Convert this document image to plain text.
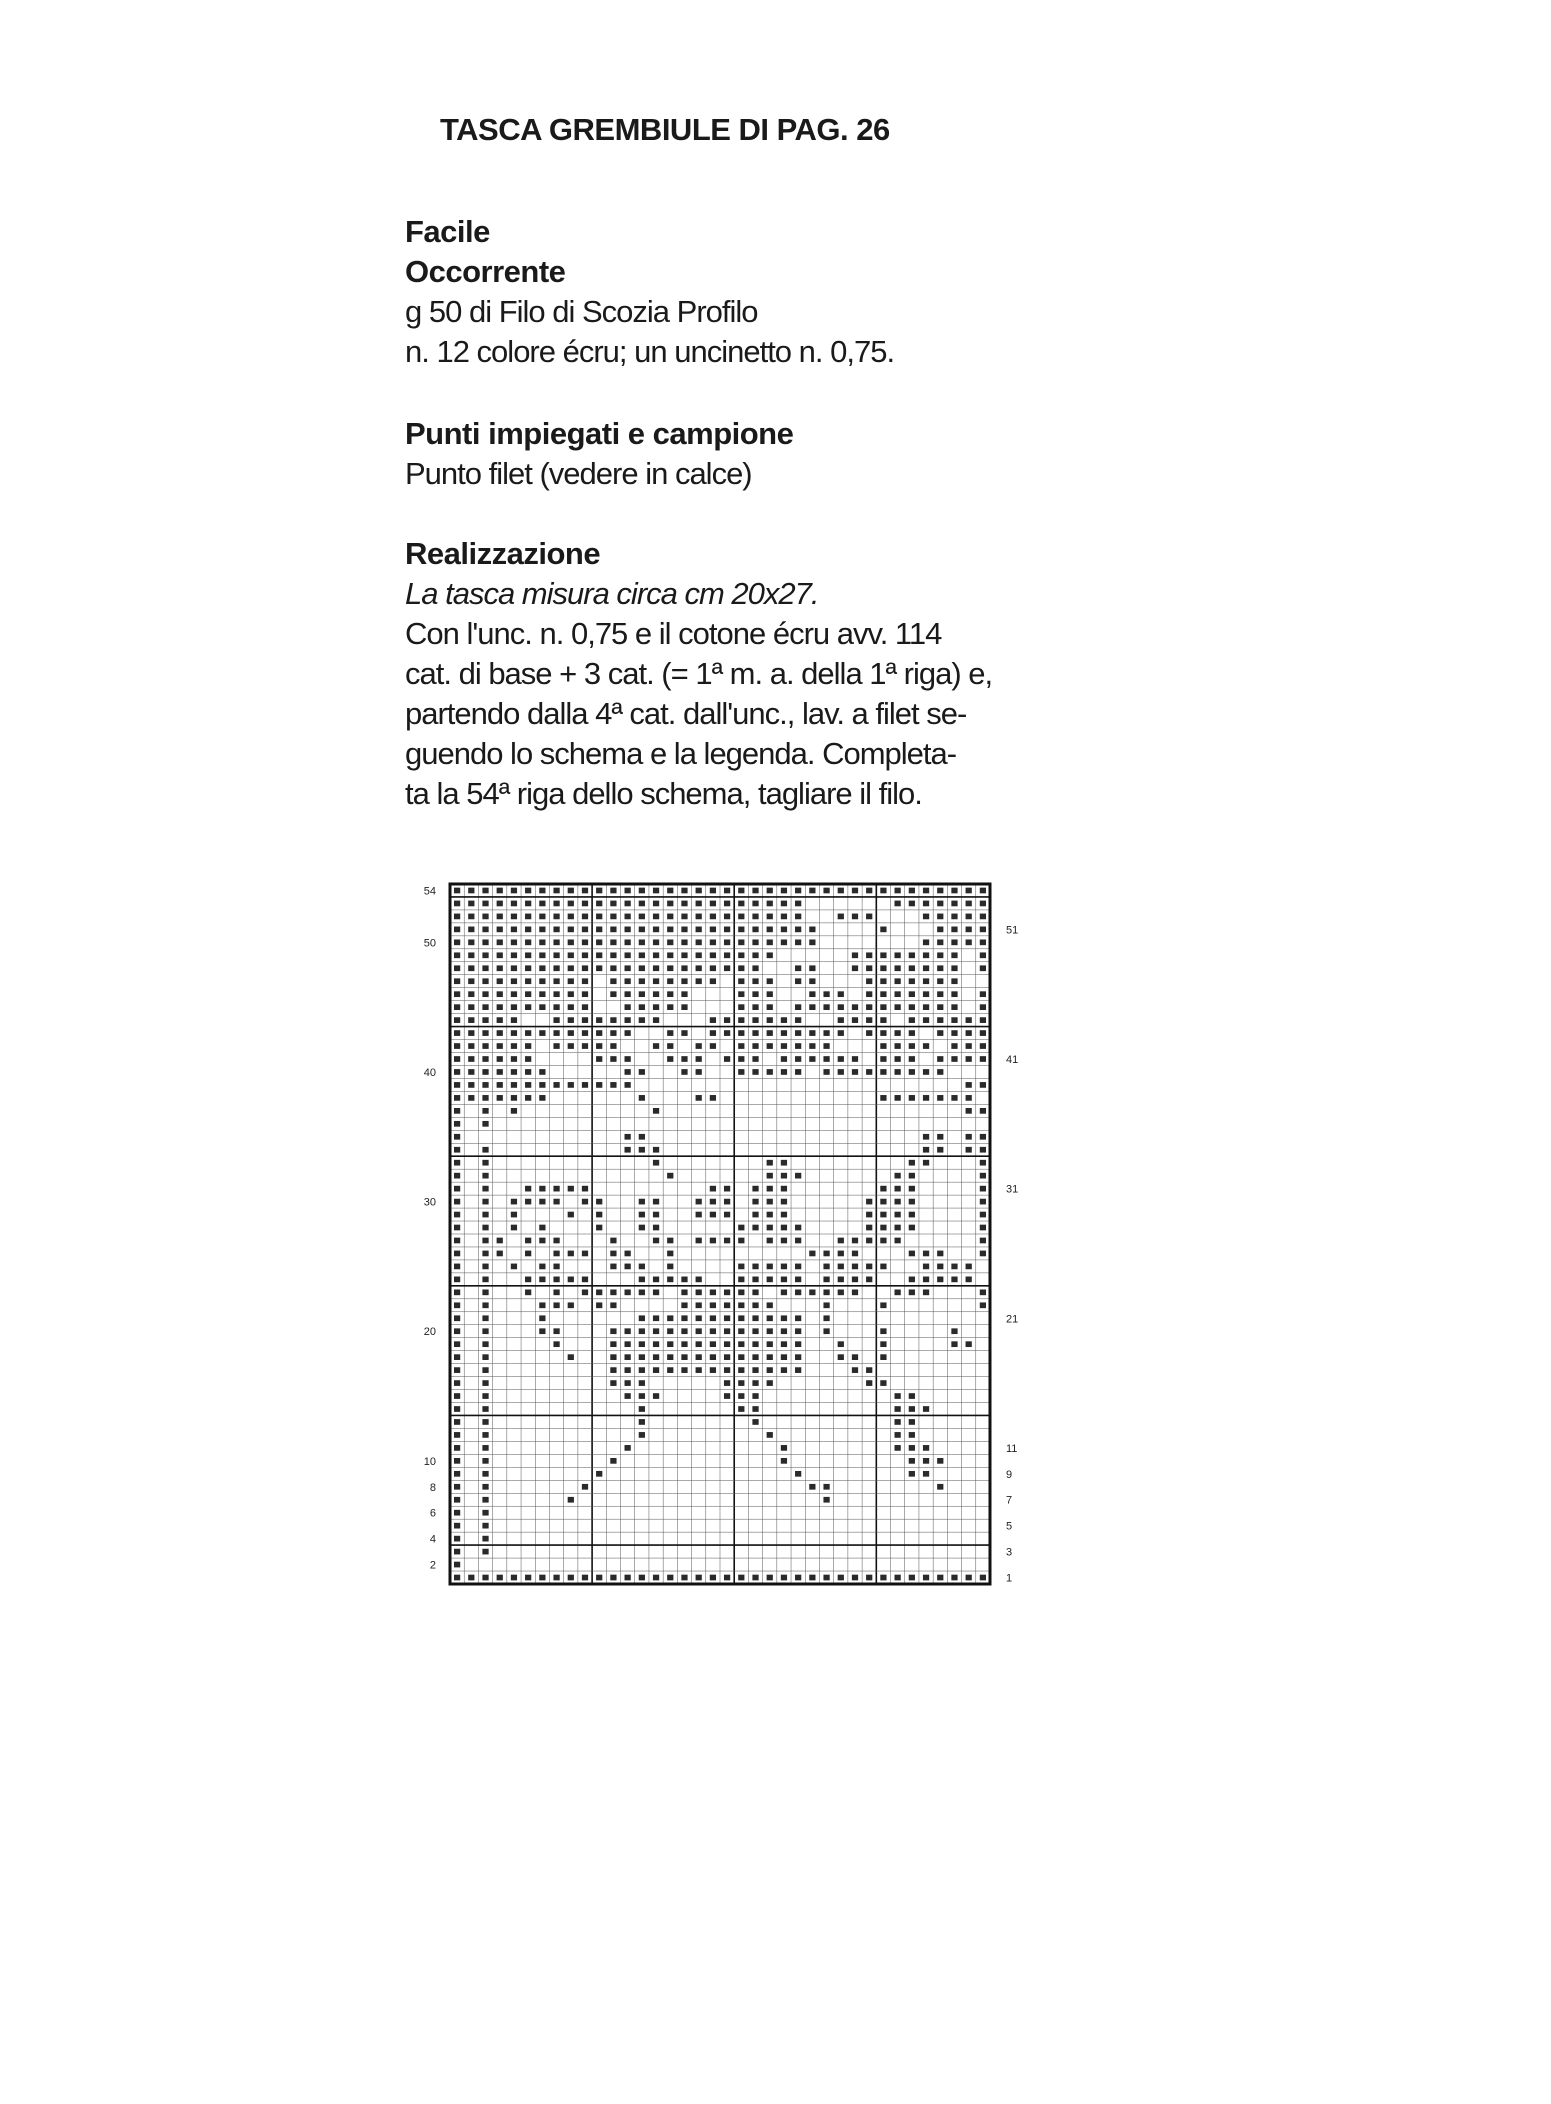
TASCA GREMBIULE DI PAG. 26
Facile
Occorrente

g 50 di Filo di Scozia Profilo

n. 12 colore écru; un uncinetto n. 0,75.

Punti impiegati e campione

Punto filet (vedere in calce)

Realizzazione

La tasca misura circa cm 20x27.

Con l'unc. n. 0,75 e il cotone écru avv. 114

cat. di base + 3 cat. (= 1ª m. a. della 1ª riga) e,

partendo dalla 4ª cat. dall'unc., lav. a filet se-

guendo lo schema e la legenda. Completa-

ta la 54ª riga dello schema, tagliare il filo.

54
50
40
30
20
10
8
6
4
2
51
41
31
21
11
9
7
5
3
1
